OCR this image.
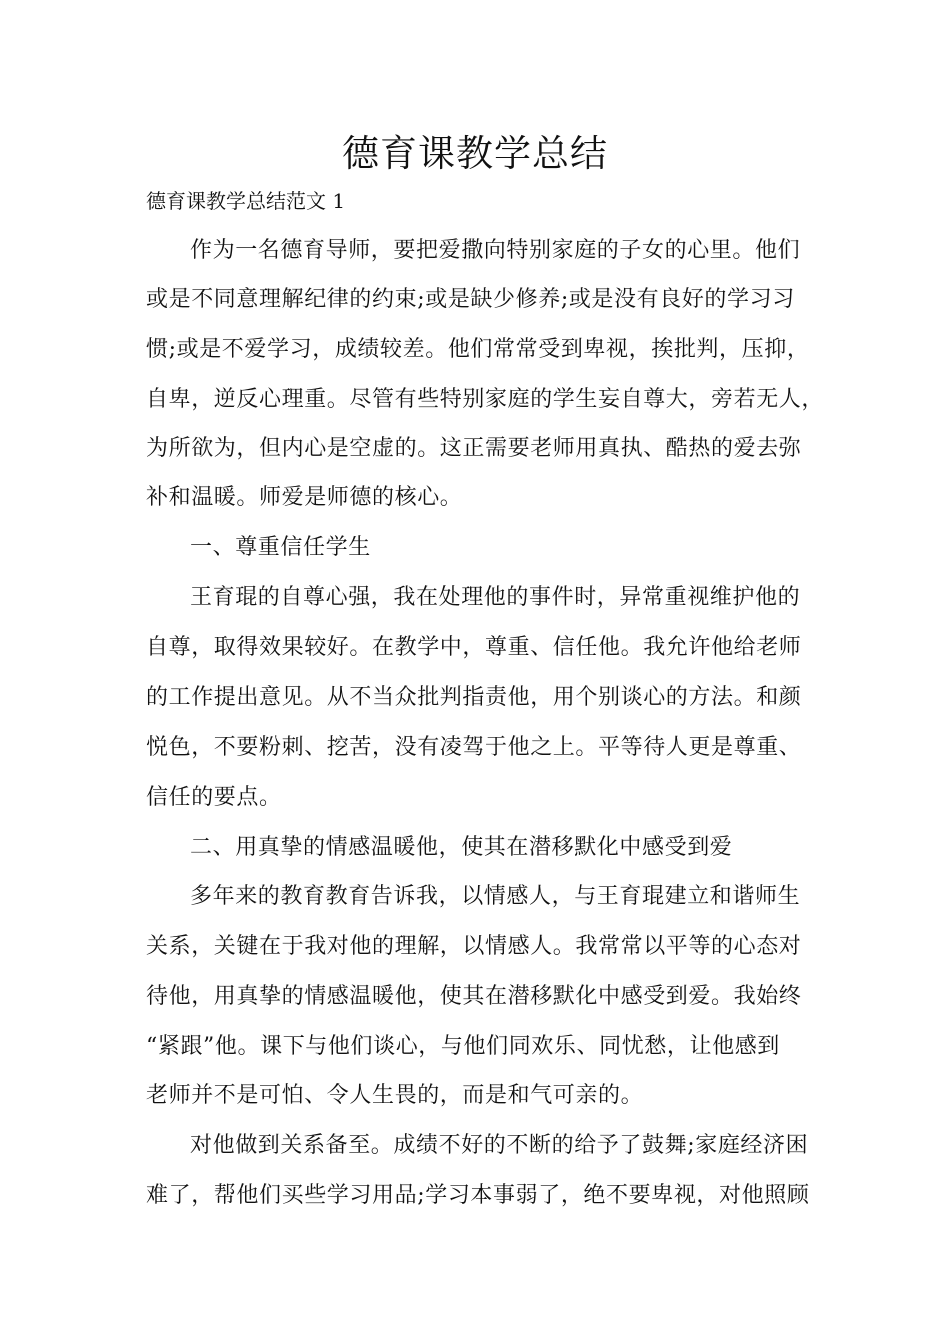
德育课教学总结
德育课教学总结范文 1
作为一名德育导师，要把爱撒向特别家庭的子女的心里。他们
或是不同意理解纪律的约束;或是缺少修养;或是没有良好的学习习
惯;或是不爱学习，成绩较差。他们常常受到卑视，挨批判，压抑，
自卑，逆反心理重。尽管有些特别家庭的学生妄自尊大，旁若无人，
为所欲为，但内心是空虚的。这正需要老师用真执、酷热的爱去弥
补和温暖。师爱是师德的核心。
一、尊重信任学生
王育琨的自尊心强，我在处理他的事件时，异常重视维护他的
自尊，取得效果较好。在教学中，尊重、信任他。我允许他给老师
的工作提出意见。从不当众批判指责他，用个别谈心的方法。和颜
悦色，不要粉刺、挖苦，没有凌驾于他之上。平等待人更是尊重、
信任的要点。
二、用真挚的情感温暖他，使其在潜移默化中感受到爱
多年来的教育教育告诉我，以情感人，与王育琨建立和谐师生
关系，关键在于我对他的理解，以情感人。我常常以平等的心态对
待他，用真挚的情感温暖他，使其在潜移默化中感受到爱。我始终
“紧跟”他。课下与他们谈心，与他们同欢乐、同忧愁，让他感到
老师并不是可怕、令人生畏的，而是和气可亲的。
对他做到关系备至。成绩不好的不断的给予了鼓舞;家庭经济困
难了，帮他们买些学习用品;学习本事弱了，绝不要卑视，对他照顾
